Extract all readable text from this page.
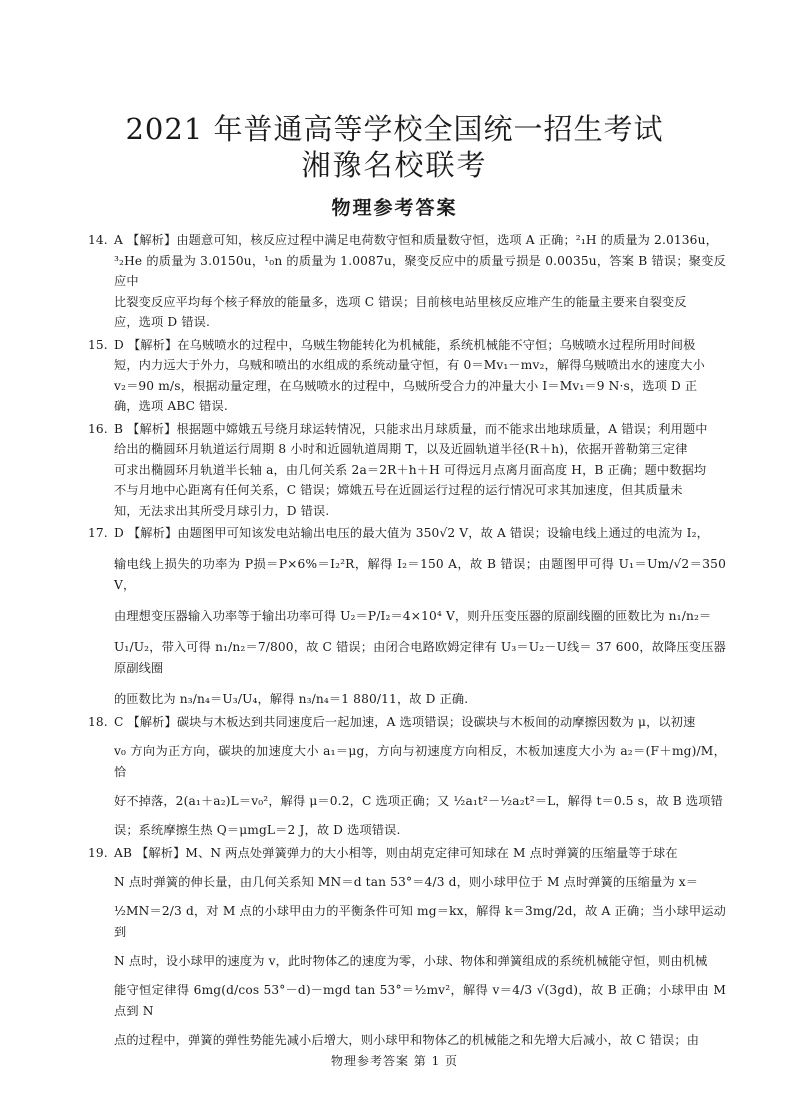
2021 年普通高等学校全国统一招生考试
湘豫名校联考
物理参考答案
14. A 【解析】由题意可知，核反应过程中满足电荷数守恒和质量数守恒，选项 A 正确；²₁H 的质量为 2.0136u，
³₂He 的质量为 3.0150u，¹₀n 的质量为 1.0087u，聚变反应中的质量亏损是 0.0035u，答案 B 错误；聚变反应中
比裂变反应平均每个核子释放的能量多，选项 C 错误；目前核电站里核反应堆产生的能量主要来自裂变反
应，选项 D 错误.

15. D 【解析】在乌贼喷水的过程中，乌贼生物能转化为机械能，系统机械能不守恒；乌贼喷水过程所用时间极
短，内力远大于外力，乌贼和喷出的水组成的系统动量守恒，有 0＝Mv₁－mv₂，解得乌贼喷出水的速度大小
v₂＝90 m/s，根据动量定理，在乌贼喷水的过程中，乌贼所受合力的冲量大小 I＝Mv₁＝9 N·s，选项 D 正
确，选项 ABC 错误.

16. B 【解析】根据题中嫦娥五号绕月球运转情况，只能求出月球质量，而不能求出地球质量，A 错误；利用题中
给出的椭圆环月轨道运行周期 8 小时和近圆轨道周期 T，以及近圆轨道半径(R＋h)，依据开普勒第三定律
可求出椭圆环月轨道半长轴 a，由几何关系 2a＝2R＋h＋H 可得远月点离月面高度 H，B 正确；题中数据均
不与月地中心距离有任何关系，C 错误；嫦娥五号在近圆运行过程的运行情况可求其加速度，但其质量未
知，无法求出其所受月球引力，D 错误.

17. D 【解析】由题图甲可知该发电站输出电压的最大值为 350√2 V，故 A 错误；设输电线上通过的电流为 I₂，
输电线上损失的功率为 P损＝P×6%＝I₂²R，解得 I₂＝150 A，故 B 错误；由题图甲可得 U₁＝Um/√2＝350 V，
由理想变压器输入功率等于输出功率可得 U₂＝P/I₂＝4×10⁴ V，则升压变压器的原副线圈的匝数比为 n₁/n₂＝
U₁/U₂，带入可得 n₁/n₂＝7/800，故 C 错误；由闭合电路欧姆定律有 U₃＝U₂－U线＝ 37 600，故降压变压器原副线圈
的匝数比为 n₃/n₄＝U₃/U₄，解得 n₃/n₄＝1 880/11，故 D 正确.

18. C 【解析】碳块与木板达到共同速度后一起加速，A 选项错误；设碳块与木板间的动摩擦因数为 μ，以初速
v₀ 方向为正方向，碳块的加速度大小 a₁＝μg，方向与初速度方向相反，木板加速度大小为 a₂＝(F＋mg)/M，恰
好不掉落，2(a₁＋a₂)L＝v₀²，解得 μ＝0.2，C 选项正确；又 ½a₁t²－½a₂t²＝L，解得 t＝0.5 s，故 B 选项错
误；系统摩擦生热 Q＝μmgL＝2 J，故 D 选项错误.

19. AB 【解析】M、N 两点处弹簧弹力的大小相等，则由胡克定律可知球在 M 点时弹簧的压缩量等于球在
N 点时弹簧的伸长量，由几何关系知 MN＝d tan 53°＝4/3 d，则小球甲位于 M 点时弹簧的压缩量为 x＝
½MN＝2/3 d，对 M 点的小球甲由力的平衡条件可知 mg＝kx，解得 k＝3mg/2d，故 A 正确；当小球甲运动到
N 点时，设小球甲的速度为 v，此时物体乙的速度为零，小球、物体和弹簧组成的系统机械能守恒，则由机械
能守恒定律得 6mg(d/cos 53°－d)－mgd tan 53°＝½mv²，解得 v＝4/3 √(3gd)，故 B 正确；小球甲由 M 点到 N
点的过程中，弹簧的弹性势能先减小后增大，则小球甲和物体乙的机械能之和先增大后减小，故 C 错误；由

物理参考答案 第 1 页
